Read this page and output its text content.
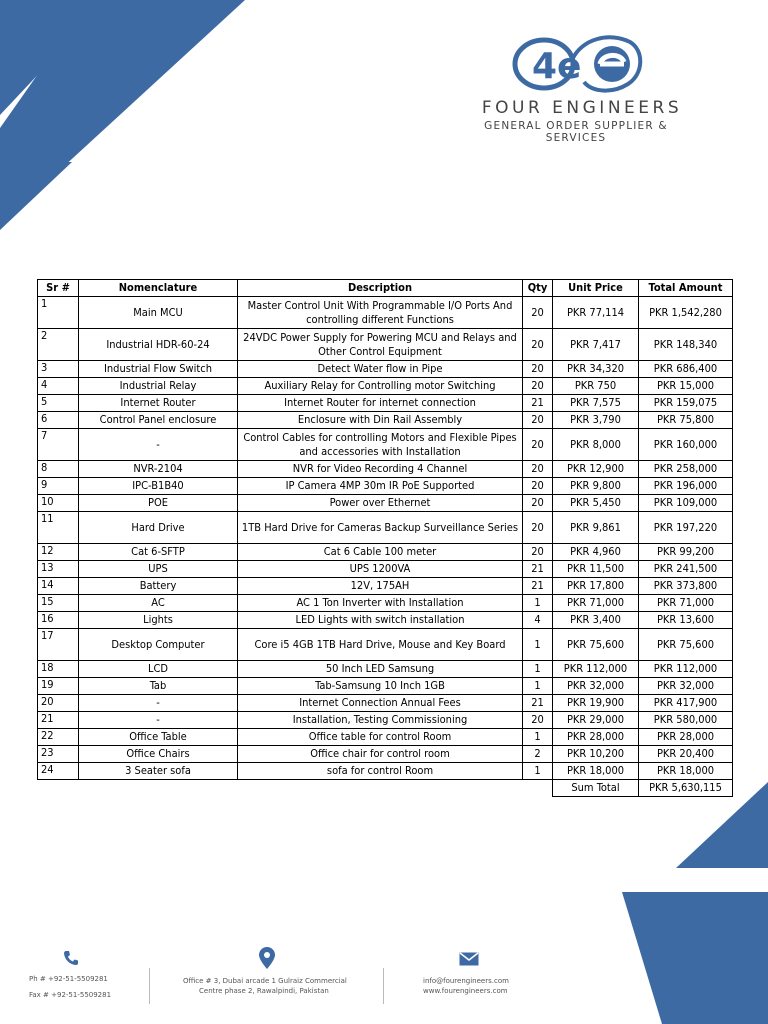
4e
FOUR ENGINEERS
GENERAL ORDER SUPPLIER & SERVICES
Sr #	Nomenclature	Description	Qty	Unit Price	Total Amount
1	Main MCU	Master Control Unit With Programmable I/O Ports And controlling different Functions	20	PKR 77,114	PKR 1,542,280
2	Industrial HDR-60-24	24VDC Power Supply for Powering MCU and Relays and Other Control Equipment	20	PKR 7,417	PKR 148,340
3	Industrial Flow Switch	Detect Water flow in Pipe	20	PKR 34,320	PKR 686,400
4	Industrial Relay	Auxiliary Relay for Controlling motor Switching	20	PKR 750	PKR 15,000
5	Internet Router	Internet Router for internet connection	21	PKR 7,575	PKR 159,075
6	Control Panel enclosure	Enclosure with Din Rail Assembly	20	PKR 3,790	PKR 75,800
7	-	Control Cables for controlling Motors and Flexible Pipes and accessories with Installation	20	PKR 8,000	PKR 160,000
8	NVR-2104	NVR for Video Recording 4 Channel	20	PKR 12,900	PKR 258,000
9	IPC-B1B40	IP Camera 4MP 30m IR PoE Supported	20	PKR 9,800	PKR 196,000
10	POE	Power over Ethernet	20	PKR 5,450	PKR 109,000
11	Hard Drive	1TB Hard Drive for Cameras Backup Surveillance Series	20	PKR 9,861	PKR 197,220
12	Cat 6-SFTP	Cat 6 Cable 100 meter	20	PKR 4,960	PKR 99,200
13	UPS	UPS 1200VA	21	PKR 11,500	PKR 241,500
14	Battery	12V, 175AH	21	PKR 17,800	PKR 373,800
15	AC	AC 1 Ton Inverter with Installation	1	PKR 71,000	PKR 71,000
16	Lights	LED Lights with switch installation	4	PKR 3,400	PKR 13,600
17	Desktop Computer	Core i5 4GB 1TB Hard Drive, Mouse and Key Board	1	PKR 75,600	PKR 75,600
18	LCD	50 Inch LED Samsung	1	PKR 112,000	PKR 112,000
19	Tab	Tab-Samsung 10 Inch 1GB	1	PKR 32,000	PKR 32,000
20	-	Internet Connection Annual Fees	21	PKR 19,900	PKR 417,900
21	-	Installation, Testing Commissioning	20	PKR 29,000	PKR 580,000
22	Office Table	Office table for control Room	1	PKR 28,000	PKR 28,000
23	Office Chairs	Office chair for control room	2	PKR 10,200	PKR 20,400
24	3 Seater sofa	sofa for control Room	1	PKR 18,000	PKR 18,000
				Sum Total	PKR 5,630,115
Ph # +92-51-5509281
Fax # +92-51-5509281
Office # 3, Dubai arcade 1 Gulraiz Commercial
Centre phase 2, Rawalpindi, Pakistan
info@fourengineers.com
www.fourengineers.com
